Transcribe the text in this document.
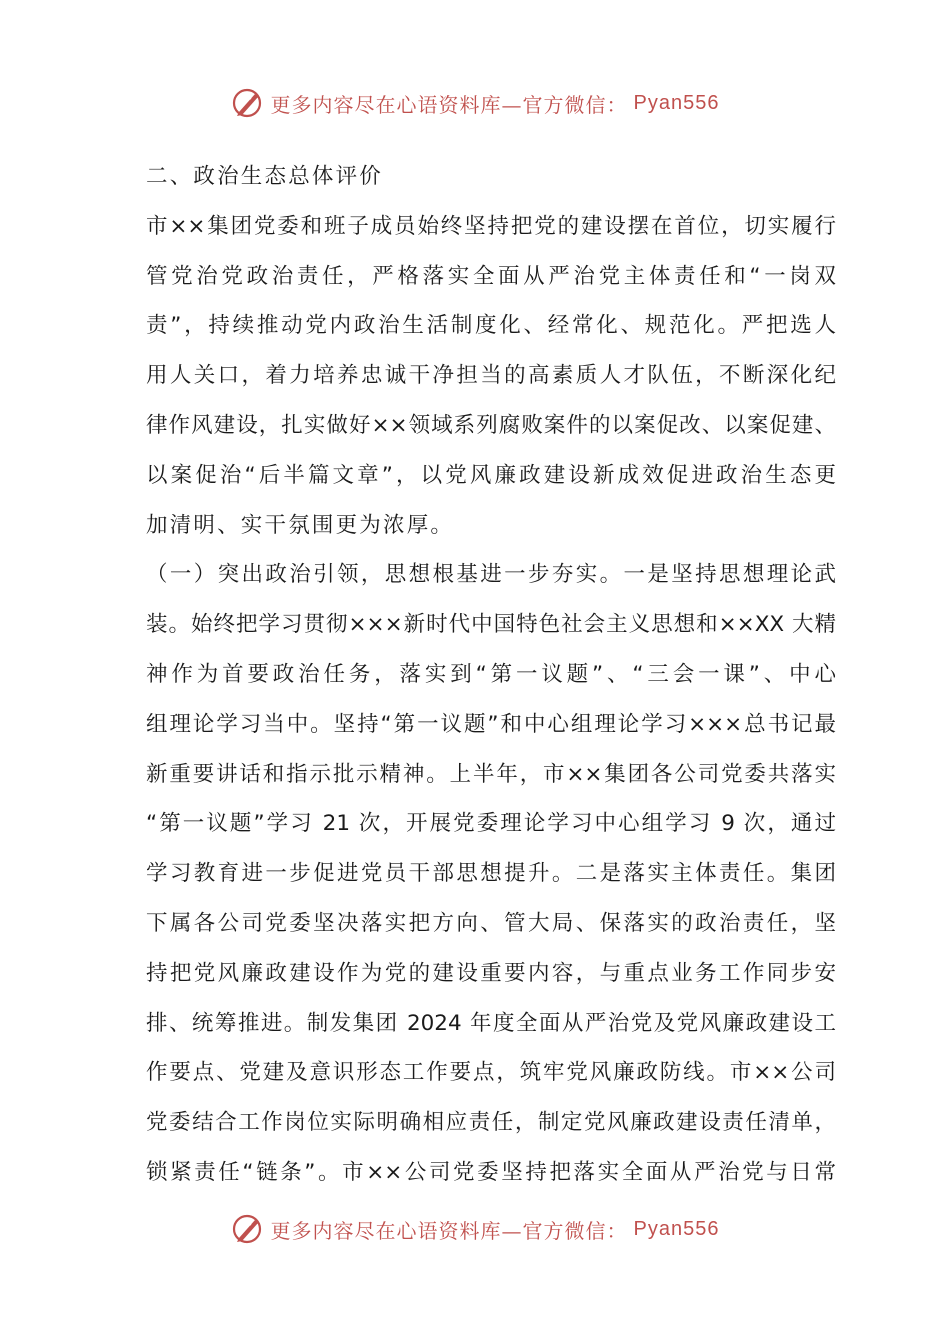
更多内容尽在心语资料库—官方微信： Pyan556
二、政治生态总体评价
市××集团党委和班子成员始终坚持把党的建设摆在首位，切实履行
管党治党政治责任，严格落实全面从严治党主体责任和“一岗双
责”，持续推动党内政治生活制度化、经常化、规范化。严把选人
用人关口，着力培养忠诚干净担当的高素质人才队伍，不断深化纪
律作风建设，扎实做好××领域系列腐败案件的以案促改、以案促建、
以案促治“后半篇文章”，以党风廉政建设新成效促进政治生态更
加清明、实干氛围更为浓厚。
（一）突出政治引领，思想根基进一步夯实。一是坚持思想理论武
装。始终把学习贯彻×××新时代中国特色社会主义思想和××XX 大精
神作为首要政治任务，落实到“第一议题”、“三会一课”、中心
组理论学习当中。坚持“第一议题”和中心组理论学习×××总书记最
新重要讲话和指示批示精神。上半年，市××集团各公司党委共落实
“第一议题”学习 21 次，开展党委理论学习中心组学习 9 次，通过
学习教育进一步促进党员干部思想提升。二是落实主体责任。集团
下属各公司党委坚决落实把方向、管大局、保落实的政治责任，坚
持把党风廉政建设作为党的建设重要内容，与重点业务工作同步安
排、统筹推进。制发集团 2024 年度全面从严治党及党风廉政建设工
作要点、党建及意识形态工作要点，筑牢党风廉政防线。市××公司
党委结合工作岗位实际明确相应责任，制定党风廉政建设责任清单，
锁紧责任“链条”。市××公司党委坚持把落实全面从严治党与日常
更多内容尽在心语资料库—官方微信： Pyan556
